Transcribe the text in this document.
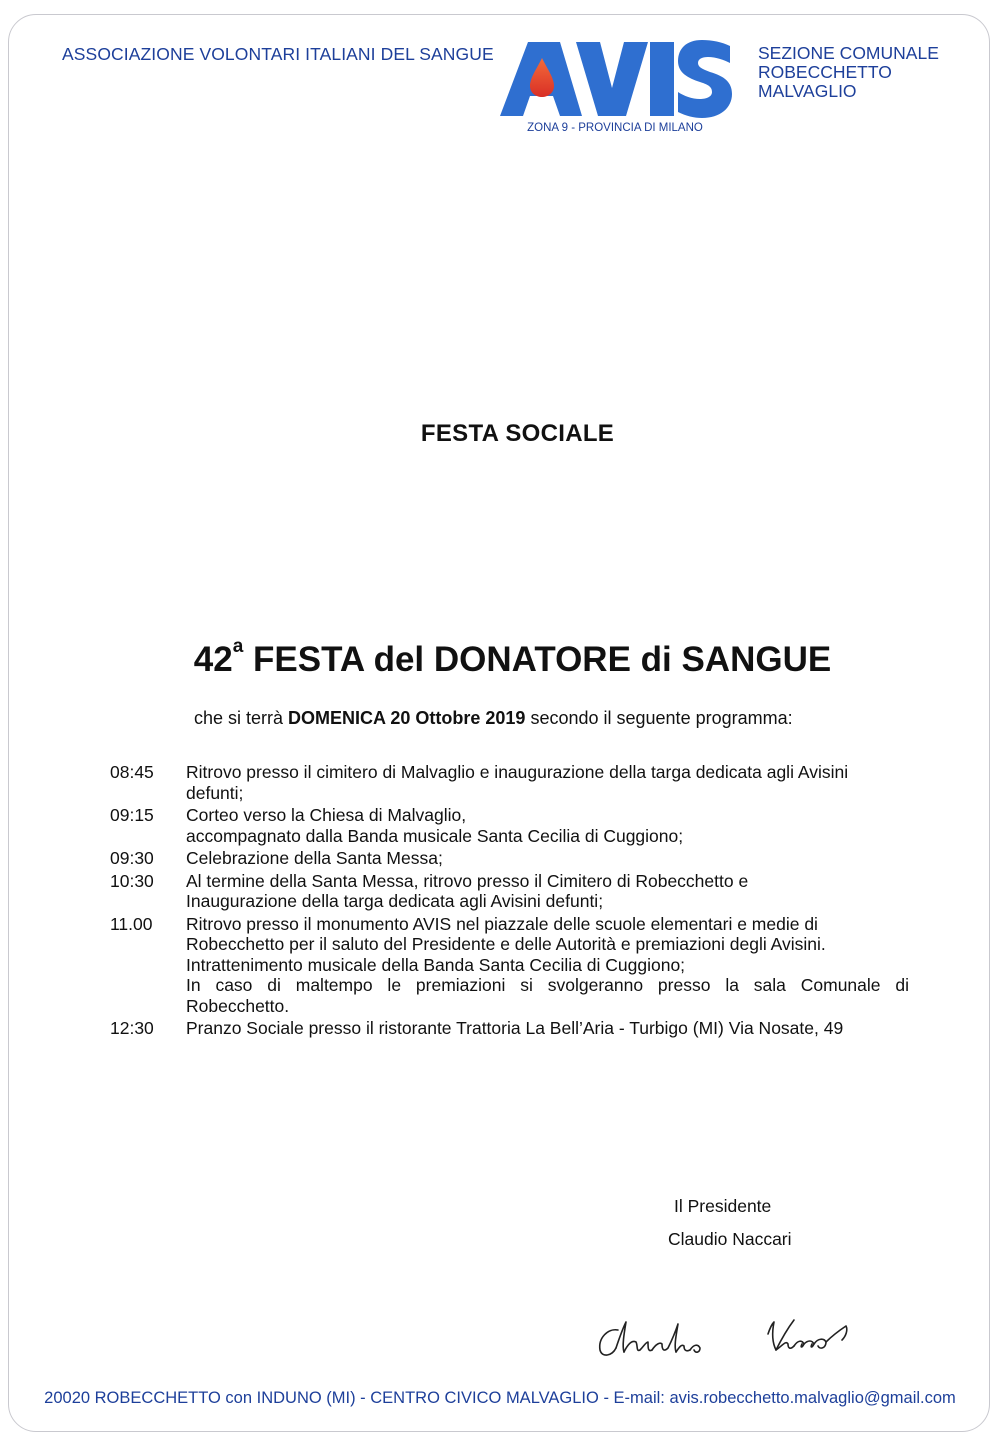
ASSOCIAZIONE VOLONTARI ITALIANI DEL SANGUE
ZONA 9 - PROVINCIA DI MILANO
SEZIONE COMUNALE
ROBECCHETTO
MALVAGLIO
FESTA SOCIALE
42$^a$ FESTA del DONATORE di SANGUE
che si terrà DOMENICA 20 Ottobre 2019 secondo il seguente programma:
08:45	Ritrovo presso il cimitero di Malvaglio e inaugurazione della targa dedicata agli Avisini
defunti;
09:15	Corteo verso la Chiesa di Malvaglio,
accompagnato dalla Banda musicale Santa Cecilia di Cuggiono;
09:30	Celebrazione della Santa Messa;
10:30	Al termine della Santa Messa, ritrovo presso il Cimitero di Robecchetto e
Inaugurazione della targa dedicata agli Avisini defunti;
11.00	Ritrovo presso il monumento AVIS nel piazzale delle scuole elementari e medie di
Robecchetto per il saluto del Presidente e delle Autorità e premiazioni degli Avisini.
Intrattenimento musicale della Banda Santa Cecilia di Cuggiono;
In caso di maltempo le premiazioni si svolgeranno presso la sala Comunale di
Robecchetto.
12:30	Pranzo Sociale presso il ristorante Trattoria La Bell’Aria - Turbigo (MI) Via Nosate, 49
Il Presidente
Claudio Naccari
20020 ROBECCHETTO con INDUNO (MI) - CENTRO CIVICO MALVAGLIO - E-mail: avis.robecchetto.malvaglio@gmail.com
